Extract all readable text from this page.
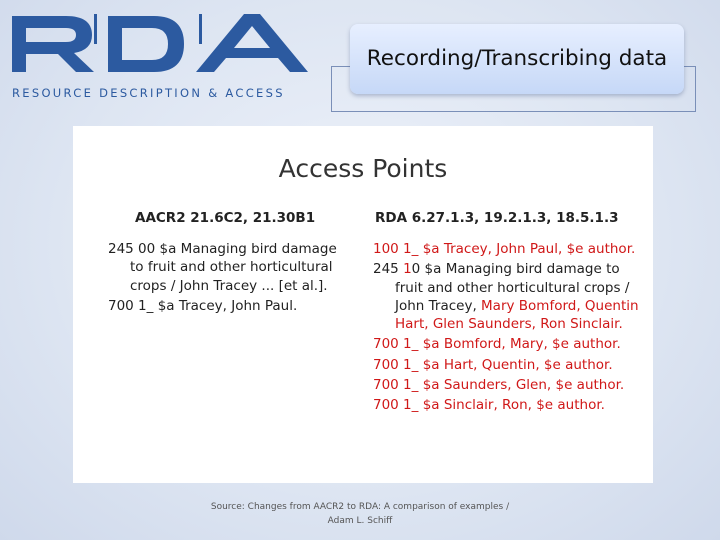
RESOURCE DESCRIPTION & ACCESS
Recording/Transcribing data
Access Points
AACR2 21.6C2, 21.30B1	RDA 6.27.1.3, 19.2.1.3, 18.5.1.3
245 00 $a Managing bird damage to fruit and other horticultural crops / John Tracey ... [et al.].
700 1_ $a Tracey, John Paul.
100 1_ $a Tracey, John Paul, $e author.
245 10 $a Managing bird damage to fruit and other horticultural crops / John Tracey, Mary Bomford, Quentin Hart, Glen Saunders, Ron Sinclair.
700 1_ $a Bomford, Mary, $e author.
700 1_ $a Hart, Quentin, $e author.
700 1_ $a Saunders, Glen, $e author.
700 1_ $a Sinclair, Ron, $e author.
Source: Changes from AACR2 to RDA: A comparison of examples / Adam L. Schiff
